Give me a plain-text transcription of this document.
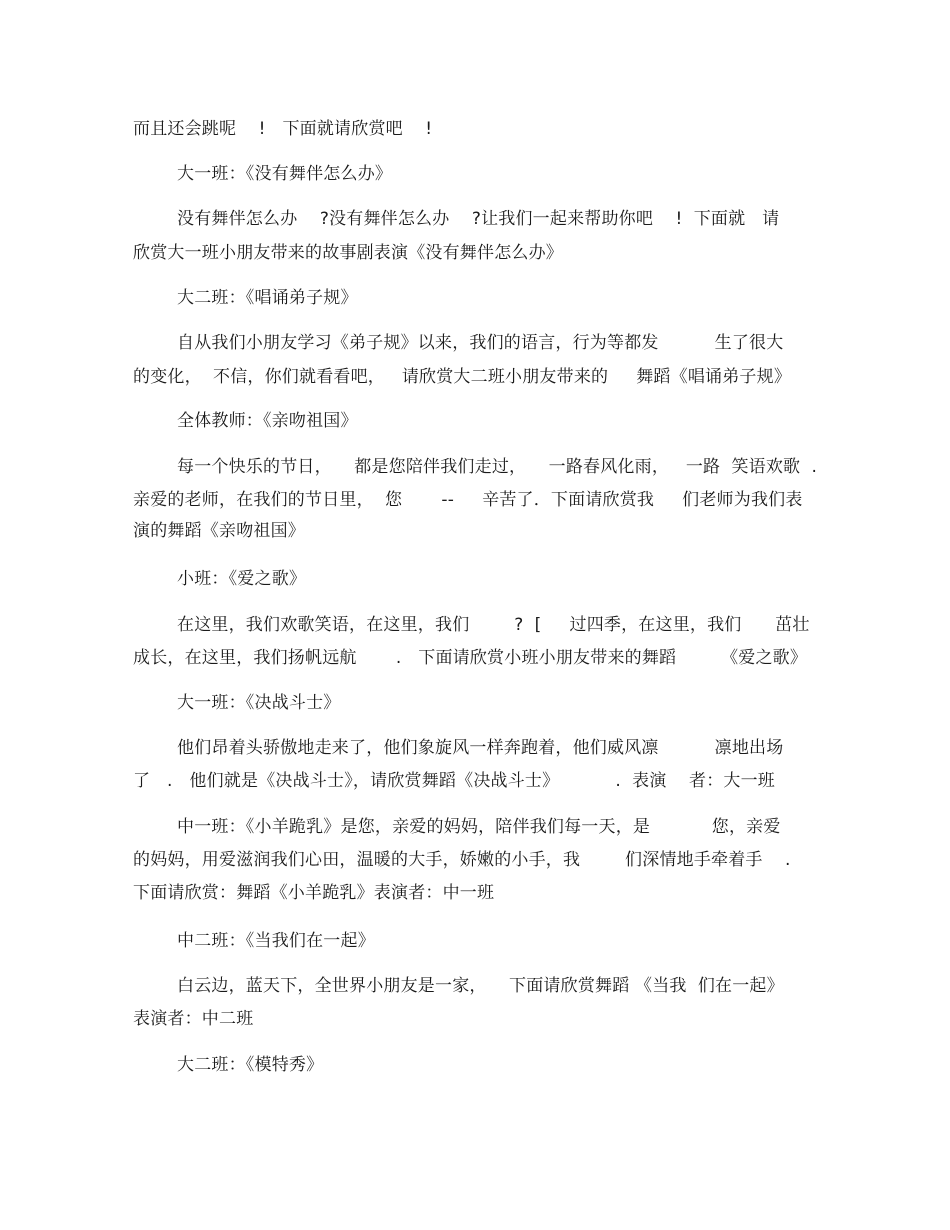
而且还会跳呢    !   下面就请欣赏吧    !
大一班：《没有舞伴怎么办》
没有舞伴怎么办    ?没有舞伴怎么办    ?让我们一起来帮助你吧    !  下面就   请
欣赏大一班小朋友带来的故事剧表演《没有舞伴怎么办》
大二班：《唱诵弟子规》
自从我们小朋友学习《弟子规》以来，我们的语言，行为等都发          生了很大
的变化，  不信，你们就看看吧，   请欣赏大二班小朋友带来的     舞蹈《唱诵弟子规》
全体教师：《亲吻祖国》
每一个快乐的节日，    都是您陪伴我们走过，    一路春风化雨，   一路  笑语欢歌  .
亲爱的老师，在我们的节日里，  您       --     辛苦了．下面请欣赏我     们老师为我们表
演的舞蹈《亲吻祖国》
小班：《爱之歌》
在这里，我们欢歌笑语，在这里，我们        ?  [     过四季，在这里，我们      茁壮
成长，在这里，我们扬帆远航       .   下面请欣赏小班小朋友带来的舞蹈        《爱之歌》
大一班：《决战斗士》
他们昂着头骄傲地走来了，他们象旋风一样奔跑着，他们威风凛          凛地出场
了   .   他们就是《决战斗士》，请欣赏舞蹈《决战斗士》          .  表演    者：大一班
中一班：《小羊跪乳》是您，亲爱的妈妈，陪伴我们每一天，是           您，亲爱
的妈妈，用爱滋润我们心田，温暖的大手，娇嫩的小手，我        们深情地手牵着手    .
下面请欣赏：舞蹈《小羊跪乳》表演者：中一班
中二班：《当我们在一起》
白云边，蓝天下，全世界小朋友是一家，    下面请欣赏舞蹈 《当我  们在一起》
表演者：中二班
大二班：《模特秀》
